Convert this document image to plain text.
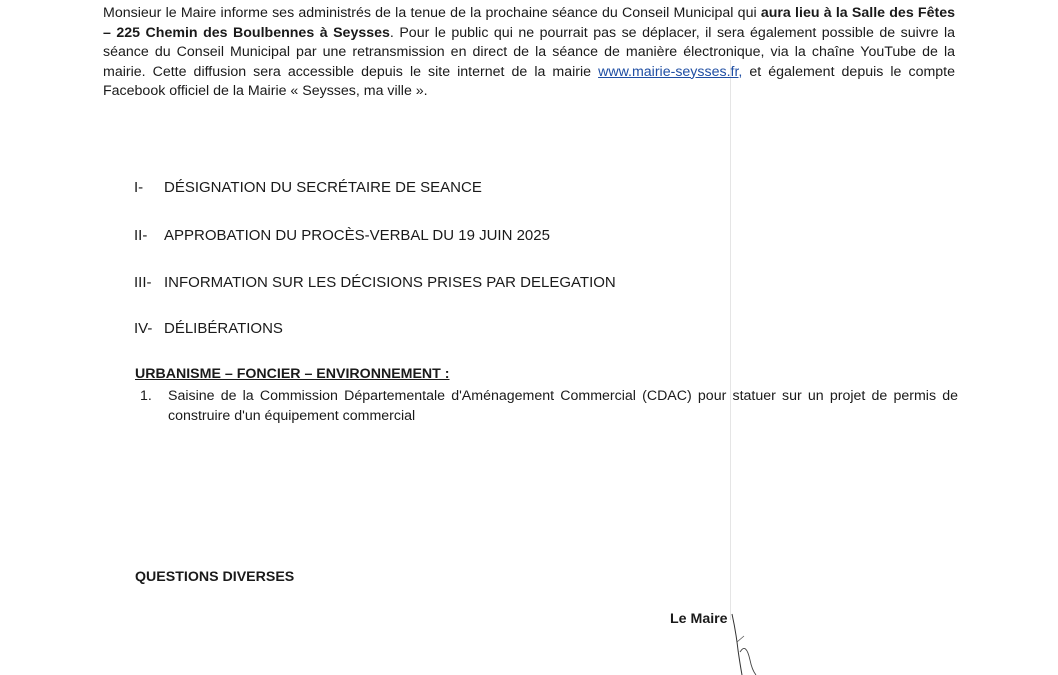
Monsieur le Maire informe ses administrés de la tenue de la prochaine séance du Conseil Municipal qui aura lieu à la Salle des Fêtes – 225 Chemin des Boulbennes à Seysses. Pour le public qui ne pourrait pas se déplacer, il sera également possible de suivre la séance du Conseil Municipal par une retransmission en direct de la séance de manière électronique, via la chaîne YouTube de la mairie. Cette diffusion sera accessible depuis le site internet de la mairie www.mairie-seysses.fr, et également depuis le compte Facebook officiel de la Mairie « Seysses, ma ville ».

I- DÉSIGNATION DU SECRÉTAIRE DE SEANCE
II- APPROBATION DU PROCÈS-VERBAL DU 19 JUIN 2025
III- INFORMATION SUR LES DÉCISIONS PRISES PAR DELEGATION
IV- DÉLIBÉRATIONS
URBANISME – FONCIER – ENVIRONNEMENT :
1. Saisine de la Commission Départementale d'Aménagement Commercial (CDAC) pour statuer sur un projet de permis de construire d'un équipement commercial
QUESTIONS DIVERSES
Le Maire
